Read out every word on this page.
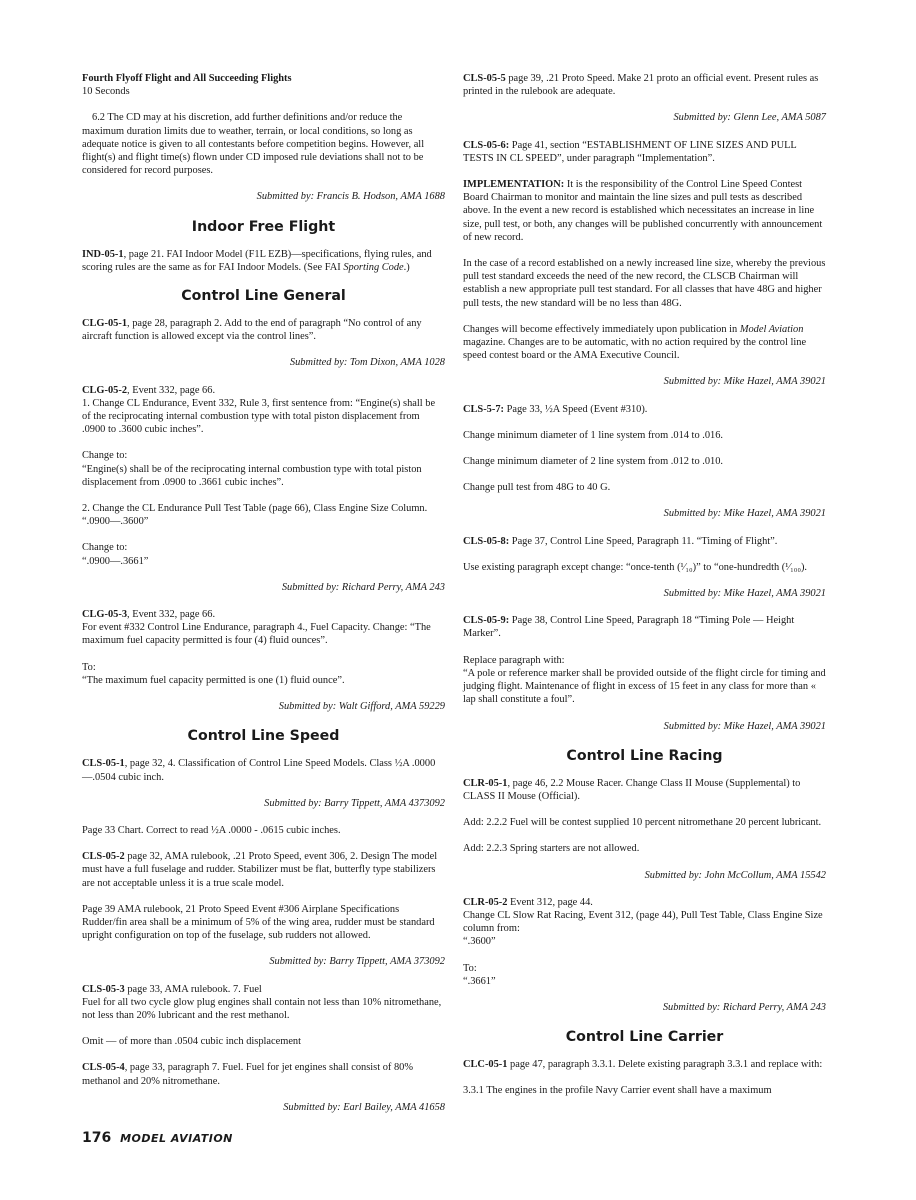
Fourth Flyoff Flight and All Succeeding Flights
10 Seconds

6.2 The CD may at his discretion, add further definitions and/or reduce the maximum duration limits due to weather, terrain, or local conditions, so long as adequate notice is given to all contestants before competition begins. However, all flight(s) and flight time(s) flown under CD imposed rule deviations shall not to be considered for record purposes.

Submitted by: Francis B. Hodson, AMA 1688

Indoor Free Flight

IND-05-1, page 21. FAI Indoor Model (F1L EZB)—specifications, flying rules, and scoring rules are the same as for FAI Indoor Models. (See FAI Sporting Code.)

Control Line General

CLG-05-1, page 28, paragraph 2. Add to the end of paragraph “No control of any aircraft function is allowed except via the control lines”.

Submitted by: Tom Dixon, AMA 1028

CLG-05-2, Event 332, page 66.

1. Change CL Endurance, Event 332, Rule 3, first sentence from: “Engine(s) shall be of the reciprocating internal combustion type with total piston displacement from .0900 to .3600 cubic inches”.

Change to:

“Engine(s) shall be of the reciprocating internal combustion type with total piston displacement from .0900 to .3661 cubic inches”.

2. Change the CL Endurance Pull Test Table (page 66), Class Engine Size Column. “.0900—.3600”

Change to:

“.0900—.3661”

Submitted by: Richard Perry, AMA 243

CLG-05-3, Event 332, page 66.

For event #332 Control Line Endurance, paragraph 4., Fuel Capacity. Change: “The maximum fuel capacity permitted is four (4) fluid ounces”.

To:

“The maximum fuel capacity permitted is one (1) fluid ounce”.

Submitted by: Walt Gifford, AMA 59229

Control Line Speed

CLS-05-1, page 32, 4. Classification of Control Line Speed Models. Class ½A .0000—.0504 cubic inch.

Submitted by: Barry Tippett, AMA 4373092

Page 33 Chart. Correct to read ½A .0000 - .0615 cubic inches.

CLS-05-2 page 32, AMA rulebook, .21 Proto Speed, event 306, 2. Design The model must have a full fuselage and rudder. Stabilizer must be flat, butterfly type stabilizers are not acceptable unless it is a true scale model.

Page 39 AMA rulebook, 21 Proto Speed Event #306 Airplane Specifications Rudder/fin area shall be a minimum of 5% of the wing area, rudder must be standard upright configuration on top of the fuselage, sub rudders not allowed.

Submitted by: Barry Tippett, AMA 373092

CLS-05-3 page 33, AMA rulebook. 7. Fuel

Fuel for all two cycle glow plug engines shall contain not less than 10% nitromethane, not less than 20% lubricant and the rest methanol.

Omit — of more than .0504 cubic inch displacement

CLS-05-4, page 33, paragraph 7. Fuel. Fuel for jet engines shall consist of 80% methanol and 20% nitromethane.

Submitted by: Earl Bailey, AMA 41658

CLS-05-5 page 39, .21 Proto Speed. Make 21 proto an official event. Present rules as printed in the rulebook are adequate.

Submitted by: Glenn Lee, AMA 5087

CLS-05-6: Page 41, section “ESTABLISHMENT OF LINE SIZES AND PULL TESTS IN CL SPEED”, under paragraph “Implementation”.

IMPLEMENTATION: It is the responsibility of the Control Line Speed Contest Board Chairman to monitor and maintain the line sizes and pull tests as described above. In the event a new record is established which necessitates an increase in line size, pull test, or both, any changes will be published concurrently with announcement of new record.

In the case of a record established on a newly increased line size, whereby the previous pull test standard exceeds the need of the new record, the CLSCB Chairman will establish a new appropriate pull test standard. For all classes that have 48G and higher pull tests, the new standard will be no less than 48G.

Changes will become effectively immediately upon publication in Model Aviation magazine. Changes are to be automatic, with no action required by the control line speed contest board or the AMA Executive Council.

Submitted by: Mike Hazel, AMA 39021

CLS-5-7: Page 33, ½A Speed (Event #310).

Change minimum diameter of 1 line system from .014 to .016.

Change minimum diameter of 2 line system from .012 to .010.

Change pull test from 48G to 40 G.

Submitted by: Mike Hazel, AMA 39021

CLS-05-8: Page 37, Control Line Speed, Paragraph 11. “Timing of Flight”.

Use existing paragraph except change: “once-tenth (¹⁄₁₀)” to “one-hundredth (¹⁄₁₀₀).

Submitted by: Mike Hazel, AMA 39021

CLS-05-9: Page 38, Control Line Speed, Paragraph 18 “Timing Pole — Height Marker”.

Replace paragraph with:

“A pole or reference marker shall be provided outside of the flight circle for timing and judging flight. Maintenance of flight in excess of 15 feet in any class for more than « lap shall constitute a foul”.

Submitted by: Mike Hazel, AMA 39021

Control Line Racing

CLR-05-1, page 46, 2.2 Mouse Racer. Change Class II Mouse (Supplemental) to CLASS II Mouse (Official).

Add: 2.2.2 Fuel will be contest supplied 10 percent nitromethane 20 percent lubricant.

Add: 2.2.3 Spring starters are not allowed.

Submitted by: John McCollum, AMA 15542

CLR-05-2 Event 312, page 44.

Change CL Slow Rat Racing, Event 312, (page 44), Pull Test Table, Class Engine Size column from:

“.3600”

To:

“.3661”

Submitted by: Richard Perry, AMA 243

Control Line Carrier

CLC-05-1 page 47, paragraph 3.3.1. Delete existing paragraph 3.3.1 and replace with:

3.3.1 The engines in the profile Navy Carrier event shall have a maximum

176 MODEL AVIATION
